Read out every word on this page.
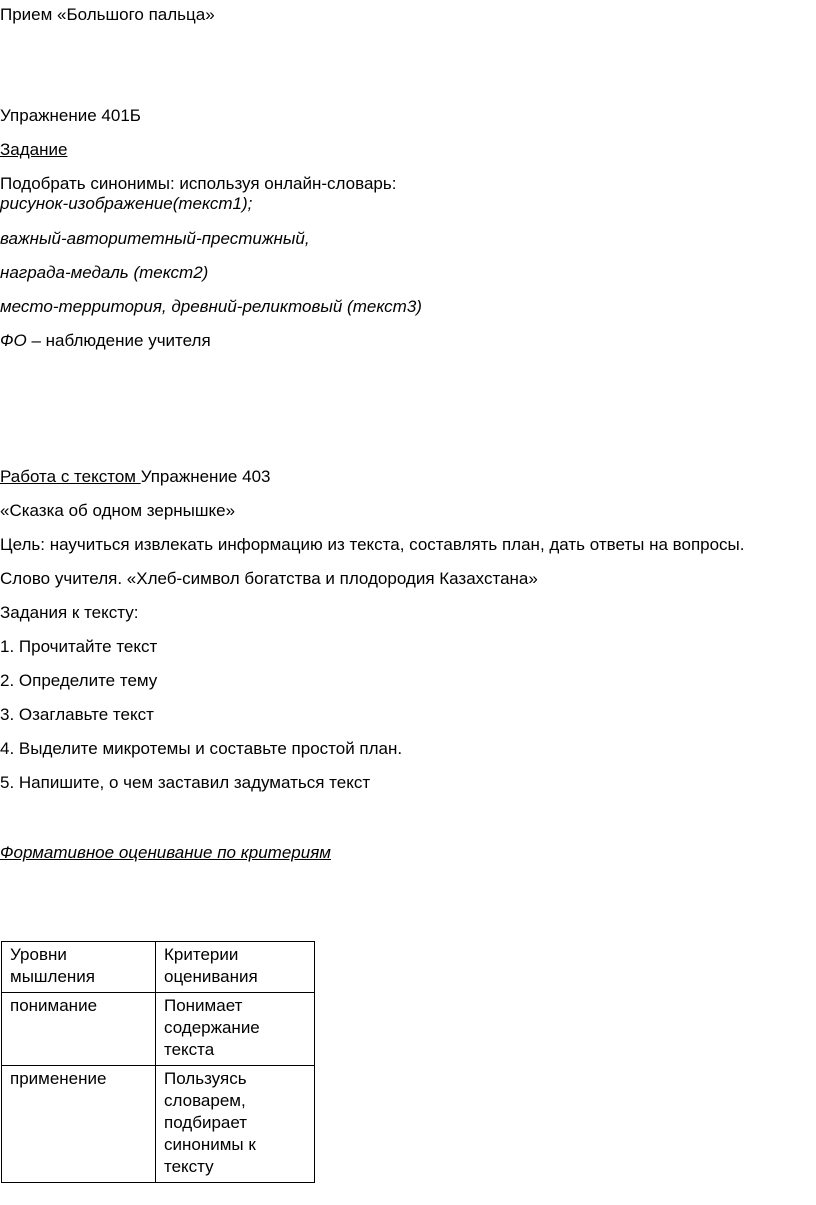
Прием «Большого пальца»

Упражнение 401Б

Задание

Подобрать синонимы: используя онлайн-словарь:

рисунок-изображение(текст1);

важный-авторитетный-престижный,

награда-медаль (текст2)

место-территория, древний-реликтовый (текст3)

ФО – наблюдение учителя

Работа с текстом Упражнение 403

«Сказка об одном зернышке»

Цель: научиться извлекать информацию из текста, составлять план, дать ответы на вопросы.

Слово учителя. «Хлеб-символ богатства и плодородия Казахстана»

Задания к тексту:

1. Прочитайте текст

2. Определите тему

3. Озаглавьте текст

4. Выделите микротемы и составьте простой план.

5. Напишите, о чем заставил задуматься текст

Формативное оценивание по критериям

Уровни мышления	Критерии оценивания
понимание	Понимает содержание текста
применение	Пользуясь словарем, подбирает синонимы к тексту
